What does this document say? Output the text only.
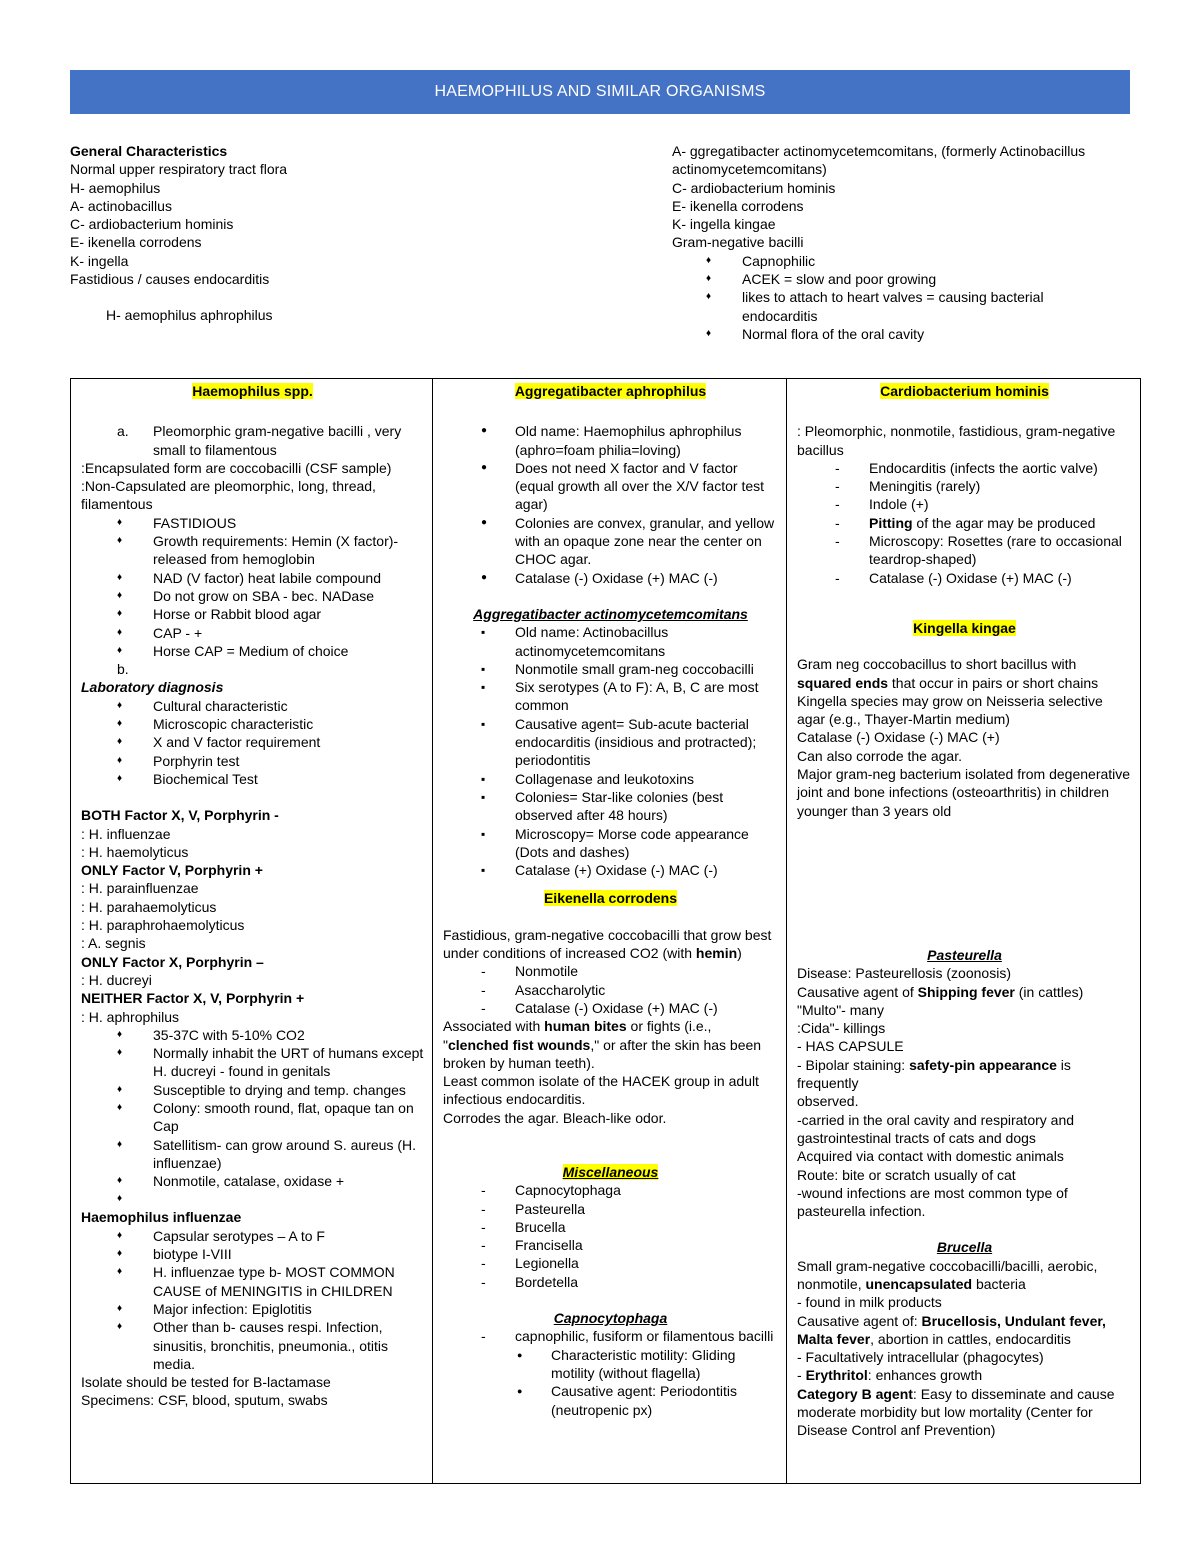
HAEMOPHILUS AND SIMILAR ORGANISMS
General Characteristics
Normal upper respiratory tract flora
H- aemophilus
A- actinobacillus
C- ardiobacterium hominis
E- ikenella corrodens
K- ingella
Fastidious / causes endocarditis
H- aemophilus aphrophilus
A- ggregatibacter actinomycetemcomitans, (formerly Actinobacillus actinomycetemcomitans)
C- ardiobacterium hominis
E- ikenella corrodens
K- ingella kingae
Gram-negative bacilli
♦ Capnophilic
♦ ACEK = slow and poor growing
♦ likes to attach to heart valves = causing bacterial endocarditis
♦ Normal flora of the oral cavity
Haemophilus spp.
a. Pleomorphic gram-negative bacilli , very small to filamentous
:Encapsulated form are coccobacilli (CSF sample)
:Non-Capsulated are pleomorphic, long, thread, filamentous
♦ FASTIDIOUS
♦ Growth requirements: Hemin (X factor)- released from hemoglobin
♦ NAD (V factor) heat labile compound
♦ Do not grow on SBA - bec. NADase
♦ Horse or Rabbit blood agar
♦ CAP - +
♦ Horse CAP = Medium of choice
b.
Laboratory diagnosis
♦ Cultural characteristic
♦ Microscopic characteristic
♦ X and V factor requirement
♦ Porphyrin test
♦ Biochemical Test
BOTH Factor X, V, Porphyrin -
: H. influenzae
: H. haemolyticus
ONLY Factor V, Porphyrin +
: H. parainfluenzae
: H. parahaemolyticus
: H. paraphrohaemolyticus
: A. segnis
ONLY Factor X, Porphyrin –
: H. ducreyi
NEITHER Factor X, V, Porphyrin +
: H. aphrophilus
♦ 35-37C with 5-10% CO2
♦ Normally inhabit the URT of humans except H. ducreyi - found in genitals
♦ Susceptible to drying and temp. changes
♦ Colony: smooth round, flat, opaque tan on Cap
♦ Satellitism- can grow around S. aureus (H. influenzae)
♦ Nonmotile, catalase, oxidase +
♦
Haemophilus influenzae
♦ Capsular serotypes – A to F
♦ biotype I-VIII
♦ H. influenzae type b- MOST COMMON CAUSE of MENINGITIS in CHILDREN
♦ Major infection: Epiglotitis
♦ Other than b- causes respi. Infection, sinusitis, bronchitis, pneumonia., otitis media.
Isolate should be tested for B-lactamase
Specimens: CSF, blood, sputum, swabs

Aggregatibacter aphrophilus
● Old name: Haemophilus aphrophilus (aphro=foam philia=loving)
● Does not need X factor and V factor (equal growth all over the X/V factor test agar)
● Colonies are convex, granular, and yellow with an opaque zone near the center on CHOC agar.
● Catalase (-) Oxidase (+) MAC (-)
Aggregatibacter actinomycetemcomitans
▪ Old name: Actinobacillus actinomycetemcomitans
▪ Nonmotile small gram-neg coccobacilli
▪ Six serotypes (A to F): A, B, C are most common
▪ Causative agent= Sub-acute bacterial endocarditis (insidious and protracted); periodontitis
▪ Collagenase and leukotoxins
▪ Colonies= Star-like colonies (best observed after 48 hours)
▪ Microscopy= Morse code appearance (Dots and dashes)
▪ Catalase (+) Oxidase (-) MAC (-)
Eikenella corrodens
Fastidious, gram-negative coccobacilli that grow best under conditions of increased CO2 (with hemin)
- Nonmotile
- Asaccharolytic
- Catalase (-) Oxidase (+) MAC (-)
Associated with human bites or fights (i.e., "clenched fist wounds," or after the skin has been broken by human teeth).
Least common isolate of the HACEK group in adult infectious endocarditis.
Corrodes the agar. Bleach-like odor.
Miscellaneous
- Capnocytophaga
- Pasteurella
- Brucella
- Francisella
- Legionella
- Bordetella
Capnocytophaga
- capnophilic, fusiform or filamentous bacilli
● Characteristic motility: Gliding motility (without flagella)
● Causative agent: Periodontitis (neutropenic px)

Cardiobacterium hominis
: Pleomorphic, nonmotile, fastidious, gram-negative bacillus
- Endocarditis (infects the aortic valve)
- Meningitis (rarely)
- Indole (+)
- Pitting of the agar may be produced
- Microscopy: Rosettes (rare to occasional teardrop-shaped)
- Catalase (-) Oxidase (+) MAC (-)
Kingella kingae
Gram neg coccobacillus to short bacillus with squared ends that occur in pairs or short chains
Kingella species may grow on Neisseria selective agar (e.g., Thayer-Martin medium)
Catalase (-) Oxidase (-) MAC (+)
Can also corrode the agar.
Major gram-neg bacterium isolated from degenerative joint and bone infections (osteoarthritis) in children younger than 3 years old
Pasteurella
Disease: Pasteurellosis (zoonosis)
Causative agent of Shipping fever (in cattles)
"Multo"- many
:Cida"- killings
- HAS CAPSULE
- Bipolar staining: safety-pin appearance is frequently
observed.
-carried in the oral cavity and respiratory and gastrointestinal tracts of cats and dogs
Acquired via contact with domestic animals
Route: bite or scratch usually of cat
-wound infections are most common type of pasteurella infection.
Brucella
Small gram-negative coccobacilli/bacilli, aerobic, nonmotile, unencapsulated bacteria
- found in milk products
Causative agent of: Brucellosis, Undulant fever, Malta fever, abortion in cattles, endocarditis
- Facultatively intracellular (phagocytes)
- Erythritol: enhances growth
Category B agent: Easy to disseminate and cause moderate morbidity but low mortality (Center for Disease Control anf Prevention)
